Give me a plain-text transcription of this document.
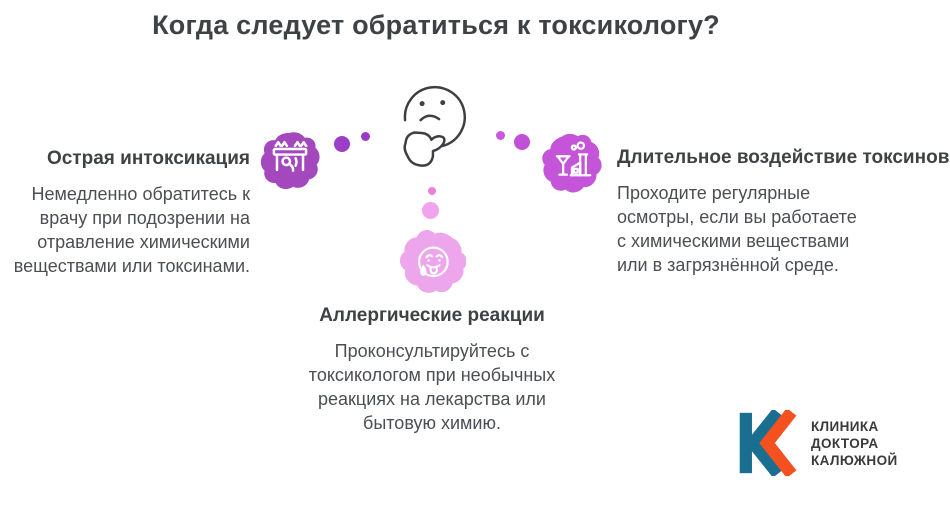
Когда следует обратиться к токсикологу?
Острая интоксикация

Немедленно обратитесь к врачу при подозрении на отравление химическими веществами или токсинами.

Аллергические реакции

Проконсультируйтесь с токсикологом при необычных реакциях на лекарства или бытовую химию.

Длительное воздействие токсинов

Проходите регулярные осмотры, если вы работаете с химическими веществами или в загрязнённой среде.

КЛИНИКА
ДОКТОРА
КАЛЮЖНОЙ
